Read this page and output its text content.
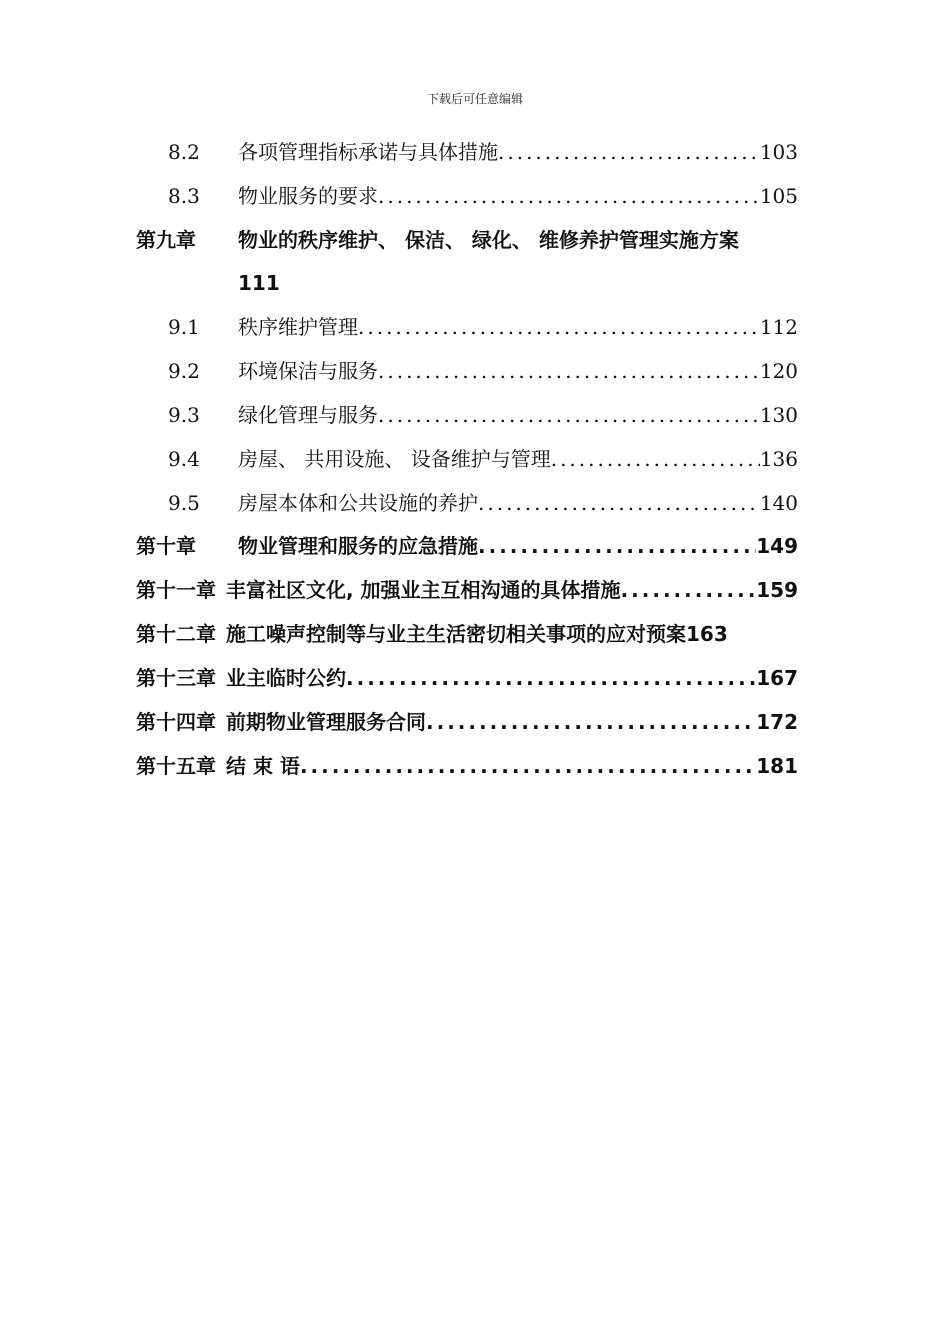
下载后可任意编辑
8.2 各项管理指标承诺与具体措施 .....	103
8.3 物业服务的要求 .....	105
第九章 物业的秩序维护、 保洁、 绿化、 维修养护管理实施方案
111
9.1 秩序维护管理 .....	112
9.2 环境保洁与服务 .....	120
9.3 绿化管理与服务 .....	130
9.4 房屋、 共用设施、 设备维护与管理 .....	136
9.5 房屋本体和公共设施的养护 .....	140
第十章 物业管理和服务的应急措施 .....	149
第十一章 丰富社区文化, 加强业主互相沟通的具体措施 .....	159
第十二章 施工噪声控制等与业主生活密切相关事项的应对预案 163
第十三章 业主临时公约 .....	167
第十四章 前期物业管理服务合同 .....	172
第十五章 结 束 语 .....	181
